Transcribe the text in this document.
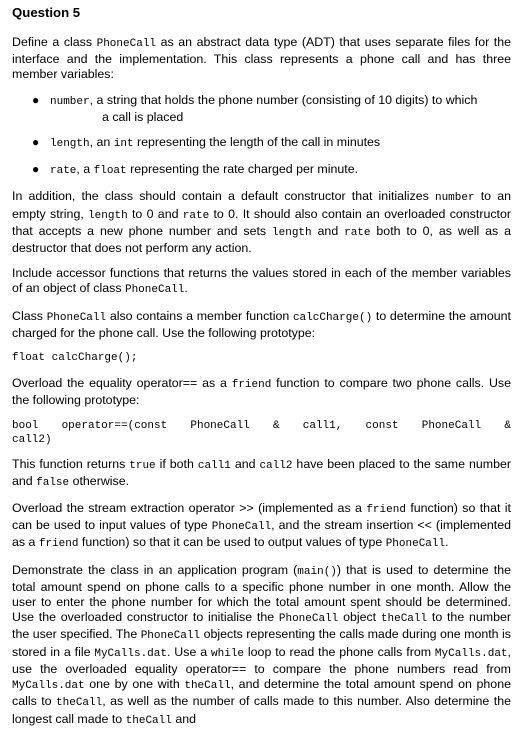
Question 5

Define a class PhoneCall as an abstract data type (ADT) that uses separate files for the interface and the implementation. This class represents a phone call and has three member variables:

● number, a string that holds the phone number (consisting of 10 digits) to which
a call is placed
● length, an int representing the length of the call in minutes
● rate, a float representing the rate charged per minute.

In addition, the class should contain a default constructor that initializes number to an empty string, length to 0 and rate to 0. It should also contain an overloaded constructor that accepts a new phone number and sets length and rate both to 0, as well as a destructor that does not perform any action.

Include accessor functions that returns the values stored in each of the member variables of an object of class PhoneCall.

Class PhoneCall also contains a member function calcCharge() to determine the amount charged for the phone call. Use the following prototype:

float calcCharge();

Overload the equality operator== as a friend function to compare two phone calls. Use the following prototype:

bool operator==(const PhoneCall & call1, const PhoneCall &
call2)

This function returns true if both call1 and call2 have been placed to the same number and false otherwise.

Overload the stream extraction operator >> (implemented as a friend function) so that it can be used to input values of type PhoneCall, and the stream insertion << (implemented as a friend function) so that it can be used to output values of type PhoneCall.

Demonstrate the class in an application program (main()) that is used to determine the total amount spend on phone calls to a specific phone number in one month. Allow the user to enter the phone number for which the total amount spent should be determined. Use the overloaded constructor to initialise the PhoneCall object theCall to the number the user specified. The PhoneCall objects representing the calls made during one month is stored in a file MyCalls.dat. Use a while loop to read the phone calls from MyCalls.dat, use the overloaded equality operator== to compare the phone numbers read from MyCalls.dat one by one with theCall, and determine the total amount spend on phone calls to theCall, as well as the number of calls made to this number. Also determine the longest call made to theCall and
